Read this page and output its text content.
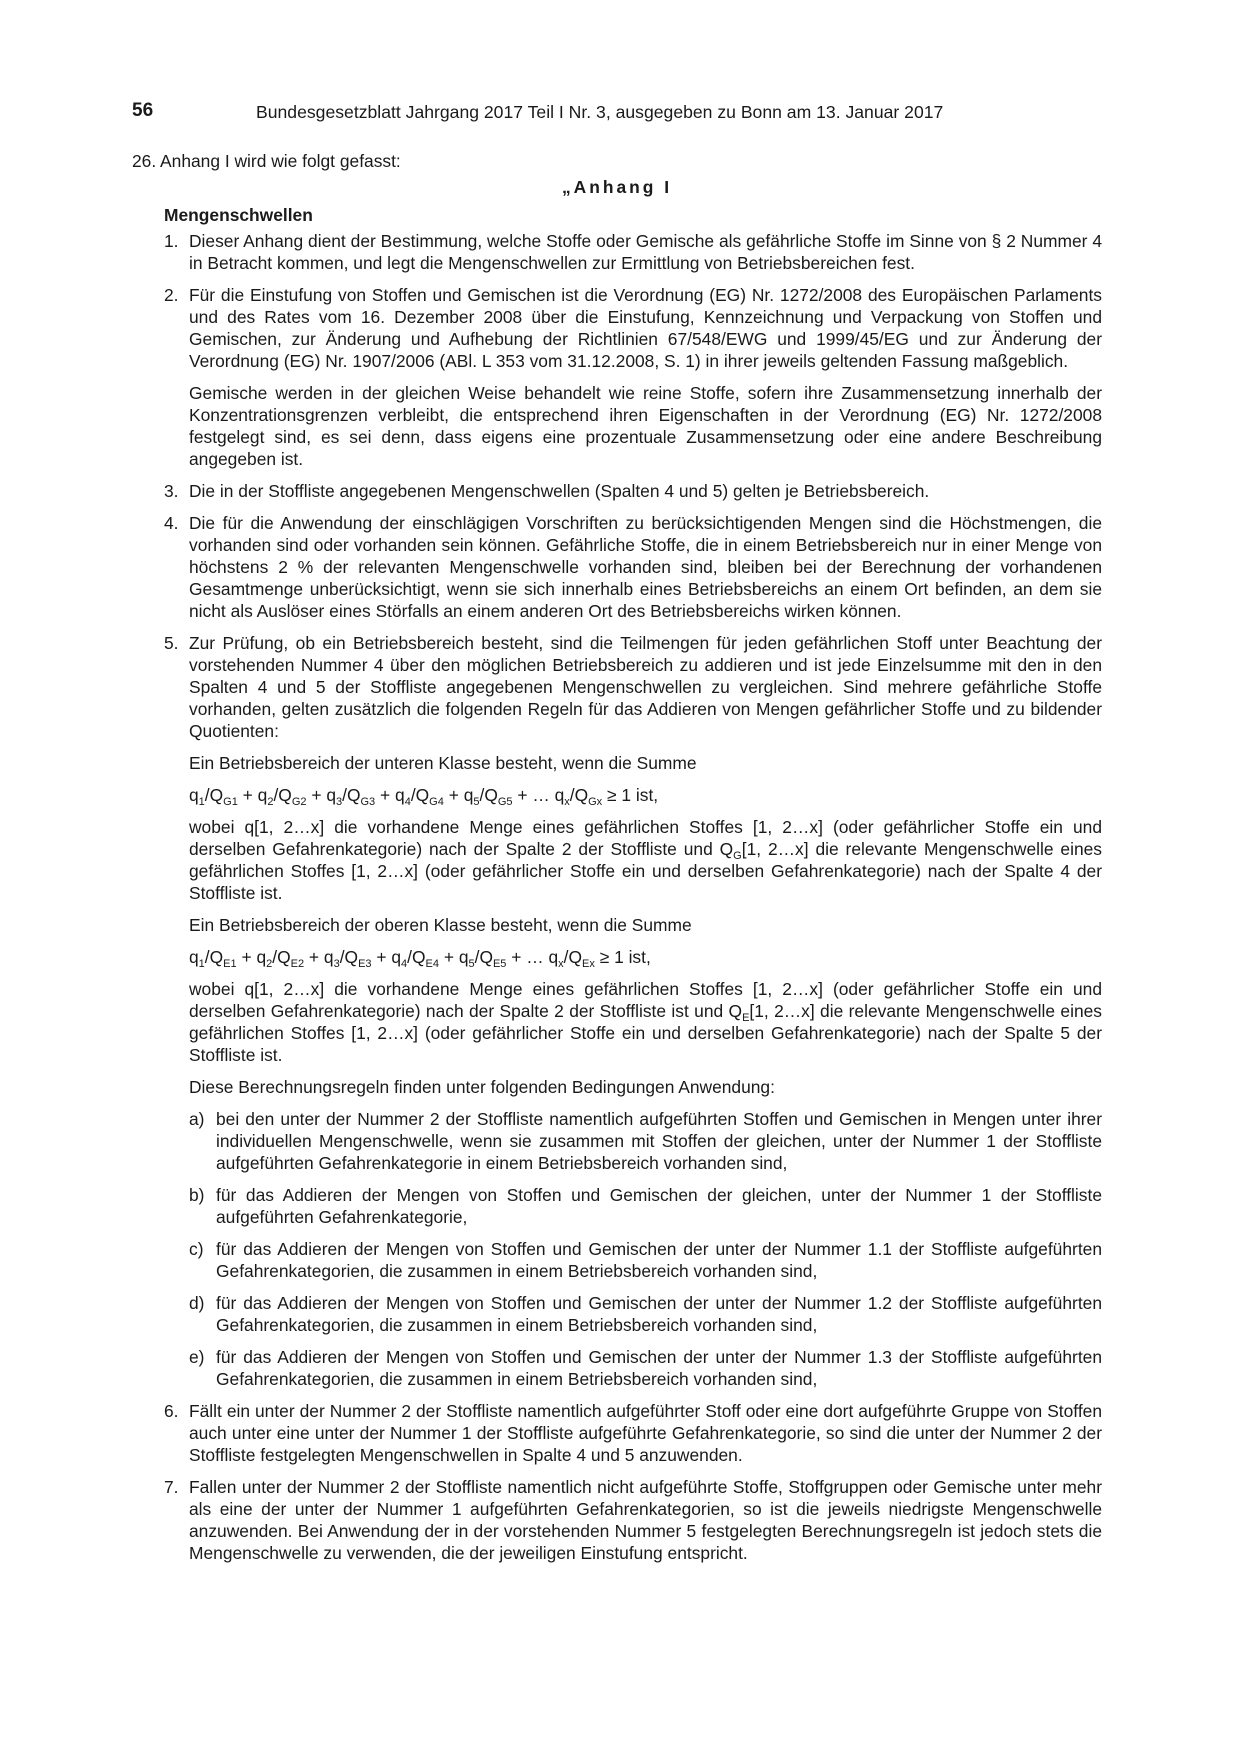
56	Bundesgesetzblatt Jahrgang 2017 Teil I Nr. 3, ausgegeben zu Bonn am 13. Januar 2017

26. Anhang I wird wie folgt gefasst:

„Anhang I
Mengenschwellen
1. Dieser Anhang dient der Bestimmung, welche Stoffe oder Gemische als gefährliche Stoffe im Sinne von § 2 Nummer 4 in Betracht kommen, und legt die Mengenschwellen zur Ermittlung von Betriebsbereichen fest.

2. Für die Einstufung von Stoffen und Gemischen ist die Verordnung (EG) Nr. 1272/2008 des Europäischen Parlaments und des Rates vom 16. Dezember 2008 über die Einstufung, Kennzeichnung und Verpackung von Stoffen und Gemischen, zur Änderung und Aufhebung der Richtlinien 67/548/EWG und 1999/45/EG und zur Änderung der Verordnung (EG) Nr. 1907/2006 (ABl. L 353 vom 31.12.2008, S. 1) in ihrer jeweils geltenden Fassung maßgeblich.

Gemische werden in der gleichen Weise behandelt wie reine Stoffe, sofern ihre Zusammensetzung innerhalb der Konzentrationsgrenzen verbleibt, die entsprechend ihren Eigenschaften in der Verordnung (EG) Nr. 1272/2008 festgelegt sind, es sei denn, dass eigens eine prozentuale Zusammensetzung oder eine andere Beschreibung angegeben ist.

3. Die in der Stoffliste angegebenen Mengenschwellen (Spalten 4 und 5) gelten je Betriebsbereich.

4. Die für die Anwendung der einschlägigen Vorschriften zu berücksichtigenden Mengen sind die Höchstmengen, die vorhanden sind oder vorhanden sein können. Gefährliche Stoffe, die in einem Betriebsbereich nur in einer Menge von höchstens 2 % der relevanten Mengenschwelle vorhanden sind, bleiben bei der Berechnung der vorhandenen Gesamtmenge unberücksichtigt, wenn sie sich innerhalb eines Betriebsbereichs an einem Ort befinden, an dem sie nicht als Auslöser eines Störfalls an einem anderen Ort des Betriebsbereichs wirken können.

5. Zur Prüfung, ob ein Betriebsbereich besteht, sind die Teilmengen für jeden gefährlichen Stoff unter Beachtung der vorstehenden Nummer 4 über den möglichen Betriebsbereich zu addieren und ist jede Einzelsumme mit den in den Spalten 4 und 5 der Stoffliste angegebenen Mengenschwellen zu vergleichen. Sind mehrere gefährliche Stoffe vorhanden, gelten zusätzlich die folgenden Regeln für das Addieren von Mengen gefährlicher Stoffe und zu bildender Quotienten:

Ein Betriebsbereich der unteren Klasse besteht, wenn die Summe

$q_1/Q_{G1} + q_2/Q_{G2} + q_3/Q_{G3} + q_4/Q_{G4} + q_5/Q_{G5}$ + … $q_x/Q_{Gx} \ge 1$ ist,

wobei q[1, 2…x] die vorhandene Menge eines gefährlichen Stoffes [1, 2…x] (oder gefährlicher Stoffe ein und derselben Gefahrenkategorie) nach der Spalte 2 der Stoffliste und $Q_G[1$, 2…x] die relevante Mengenschwelle eines gefährlichen Stoffes [1, 2…x] (oder gefährlicher Stoffe ein und derselben Gefahrenkategorie) nach der Spalte 4 der Stoffliste ist.

Ein Betriebsbereich der oberen Klasse besteht, wenn die Summe

$q_1/Q_{E1} + q_2/Q_{E2} + q_3/Q_{E3} + q_4/Q_{E4} + q_5/Q_{E5}$ + … $q_x/Q_{Ex} \ge 1$ ist,

wobei q[1, 2…x] die vorhandene Menge eines gefährlichen Stoffes [1, 2…x] (oder gefährlicher Stoffe ein und derselben Gefahrenkategorie) nach der Spalte 2 der Stoffliste ist und $Q_E[1$, 2…x] die relevante Mengenschwelle eines gefährlichen Stoffes [1, 2…x] (oder gefährlicher Stoffe ein und derselben Gefahrenkategorie) nach der Spalte 5 der Stoffliste ist.

Diese Berechnungsregeln finden unter folgenden Bedingungen Anwendung:

a) bei den unter der Nummer 2 der Stoffliste namentlich aufgeführten Stoffen und Gemischen in Mengen unter ihrer individuellen Mengenschwelle, wenn sie zusammen mit Stoffen der gleichen, unter der Nummer 1 der Stoffliste aufgeführten Gefahrenkategorie in einem Betriebsbereich vorhanden sind,

b) für das Addieren der Mengen von Stoffen und Gemischen der gleichen, unter der Nummer 1 der Stoffliste aufgeführten Gefahrenkategorie,

c) für das Addieren der Mengen von Stoffen und Gemischen der unter der Nummer 1.1 der Stoffliste aufgeführten Gefahrenkategorien, die zusammen in einem Betriebsbereich vorhanden sind,

d) für das Addieren der Mengen von Stoffen und Gemischen der unter der Nummer 1.2 der Stoffliste aufgeführten Gefahrenkategorien, die zusammen in einem Betriebsbereich vorhanden sind,

e) für das Addieren der Mengen von Stoffen und Gemischen der unter der Nummer 1.3 der Stoffliste aufgeführten Gefahrenkategorien, die zusammen in einem Betriebsbereich vorhanden sind,

6. Fällt ein unter der Nummer 2 der Stoffliste namentlich aufgeführter Stoff oder eine dort aufgeführte Gruppe von Stoffen auch unter eine unter der Nummer 1 der Stoffliste aufgeführte Gefahrenkategorie, so sind die unter der Nummer 2 der Stoffliste festgelegten Mengenschwellen in Spalte 4 und 5 anzuwenden.

7. Fallen unter der Nummer 2 der Stoffliste namentlich nicht aufgeführte Stoffe, Stoffgruppen oder Gemische unter mehr als eine der unter der Nummer 1 aufgeführten Gefahrenkategorien, so ist die jeweils niedrigste Mengenschwelle anzuwenden. Bei Anwendung der in der vorstehenden Nummer 5 festgelegten Berechnungsregeln ist jedoch stets die Mengenschwelle zu verwenden, die der jeweiligen Einstufung entspricht.
